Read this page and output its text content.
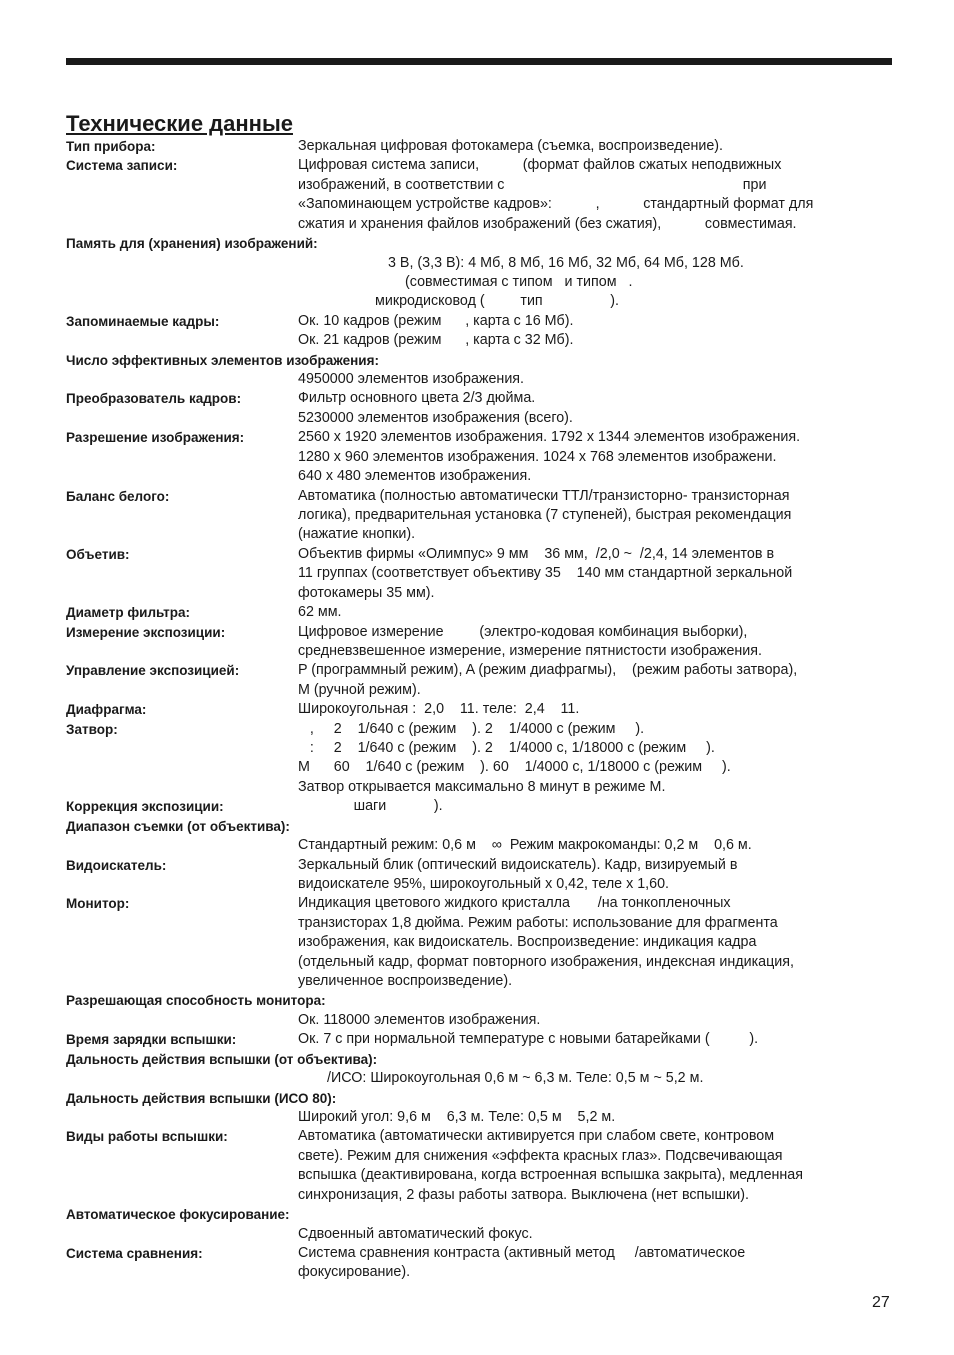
Технические данные
Тип прибора:	Зеркальная цифровая фотокамера (съемка, воспроизведение).
Система записи:	Цифровая система записи,           (формат файлов сжатых неподвижных
изображений, в соответствии с                                                            при
«Запоминающем устройстве кадров»:           ,           стандартный формат для
сжатия и хранения файлов изображений (без сжатия),           совместимая.
Память для (хранения) изображений:
3 В, (3,3 В): 4 Мб, 8 Мб, 16 Мб, 32 Мб, 64 Мб, 128 Мб.
(совместимая с типом   и типом   .
микродисковод (         тип                 ).
Запоминаемые кадры:	Ок. 10 кадров (режим      , карта с 16 Мб).
Ок. 21 кадров (режим      , карта с 32 Мб).
Число эффективных элементов изображения:
4950000 элементов изображения.
Преобразователь кадров:	Фильтр основного цвета 2/3 дюйма.
5230000 элементов изображения (всего).
Разрешение изображения:	2560 x 1920 элементов изображения. 1792 x 1344 элементов изображения.
1280 x 960 элементов изображения. 1024 x 768 элементов изображени.
640 x 480 элементов изображения.
Баланс белого:	Автоматика (полностью автоматически ТТЛ/транзисторно- транзисторная
логика), предварительная установка (7 ступеней), быстрая рекомендация
(нажатие кнопки).
Объетив:	Объектив фирмы «Олимпус» 9 мм    36 мм,  /2,0 ~  /2,4, 14 элементов в
11 группах (соответствует объективу 35    140 мм стандартной зеркальной
фотокамеры 35 мм).
Диаметр фильтра:	62 мм.
Измерение экспозиции:	Цифровое измерение         (электро-кодовая комбинация выборки),
средневзвешенное измерение, измерение пятнистости изображения.
Управление экспозицией:	P (программный режим), A (режим диафрагмы),    (режим работы затвора),
M (ручной режим).
Диафрагма:	Широкоугольная :  2,0    11. теле:  2,4    11.
Затвор:	,     2    1/640 с (режим    ). 2    1/4000 с (режим     ).
:     2    1/640 с (режим    ). 2    1/4000 с, 1/18000 с (режим     ).
M      60    1/640 с (режим    ). 60    1/4000 с, 1/18000 с (режим     ).
Затвор открывается максимально 8 минут в режиме M.
Коррекция экспозиции:	шаги            ).
Диапазон съемки (от объектива):
Стандартный режим: 0,6 м    ∞  Режим макрокоманды: 0,2 м    0,6 м.
Видоискатель:	Зеркальный блик (оптический видоискатель). Кадр, визируемый в
видоискателе 95%, широкоугольный x 0,42, теле x 1,60.
Монитор:	Индикация цветового жидкого кристалла       /на тонкопленочных
транзисторах 1,8 дюйма. Режим работы: использование для фрагмента
изображения, как видоискатель. Воспроизведение: индикация кадра
(отдельный кадр, формат повторного изображения, индексная индикация,
увеличенное воспроизведение).
Разрешающая способность монитора:
Ок. 118000 элементов изображения.
Время зарядки вспышки:	Ок. 7 с при нормальной температуре с новыми батарейками (          ).
Дальность действия вспышки (от объектива):
/ИСО: Широкоугольная 0,6 м ~ 6,3 м. Теле: 0,5 м ~ 5,2 м.
Дальность действия вспышки (ИСО 80):
Широкий угол: 9,6 м    6,3 м. Теле: 0,5 м    5,2 м.
Виды работы вспышки:	Автоматика (автоматически активируется при слабом свете, контровом
свете). Режим для снижения «эффекта красных глаз». Подсвечивающая
вспышка (деактивирована, когда встроенная вспышка закрыта), медленная
синхронизация, 2 фазы работы затвора. Выключена (нет вспышки).
Автоматическое фокусирование:
Сдвоенный автоматический фокус.
Система сравнения:	Система сравнения контраста (активный метод     /автоматическое
фокусирование).
27
